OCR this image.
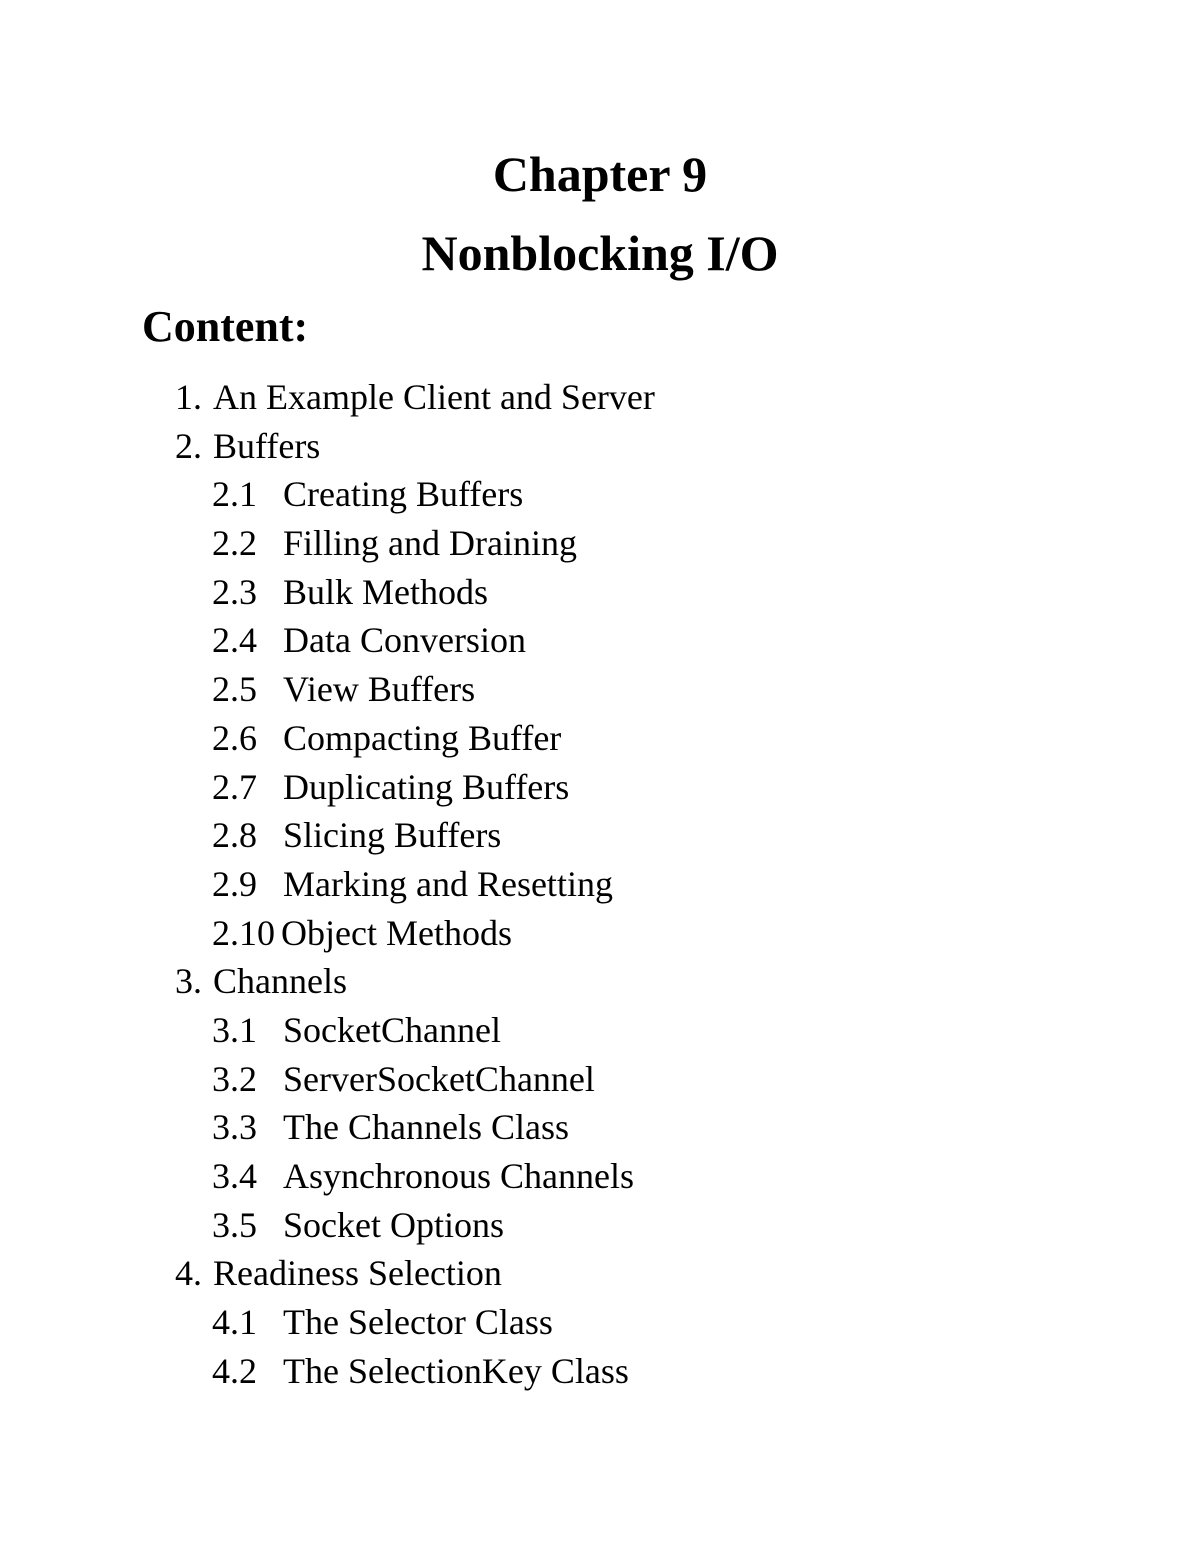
Chapter 9
Nonblocking I/O
Content:
1. An Example Client and Server
2. Buffers
2.1 Creating Buffers
2.2 Filling and Draining
2.3 Bulk Methods
2.4 Data Conversion
2.5 View Buffers
2.6 Compacting Buffer
2.7 Duplicating Buffers
2.8 Slicing Buffers
2.9 Marking and Resetting
2.10 Object Methods
3. Channels
3.1 SocketChannel
3.2 ServerSocketChannel
3.3 The Channels Class
3.4 Asynchronous Channels
3.5 Socket Options
4. Readiness Selection
4.1 The Selector Class
4.2 The SelectionKey Class
